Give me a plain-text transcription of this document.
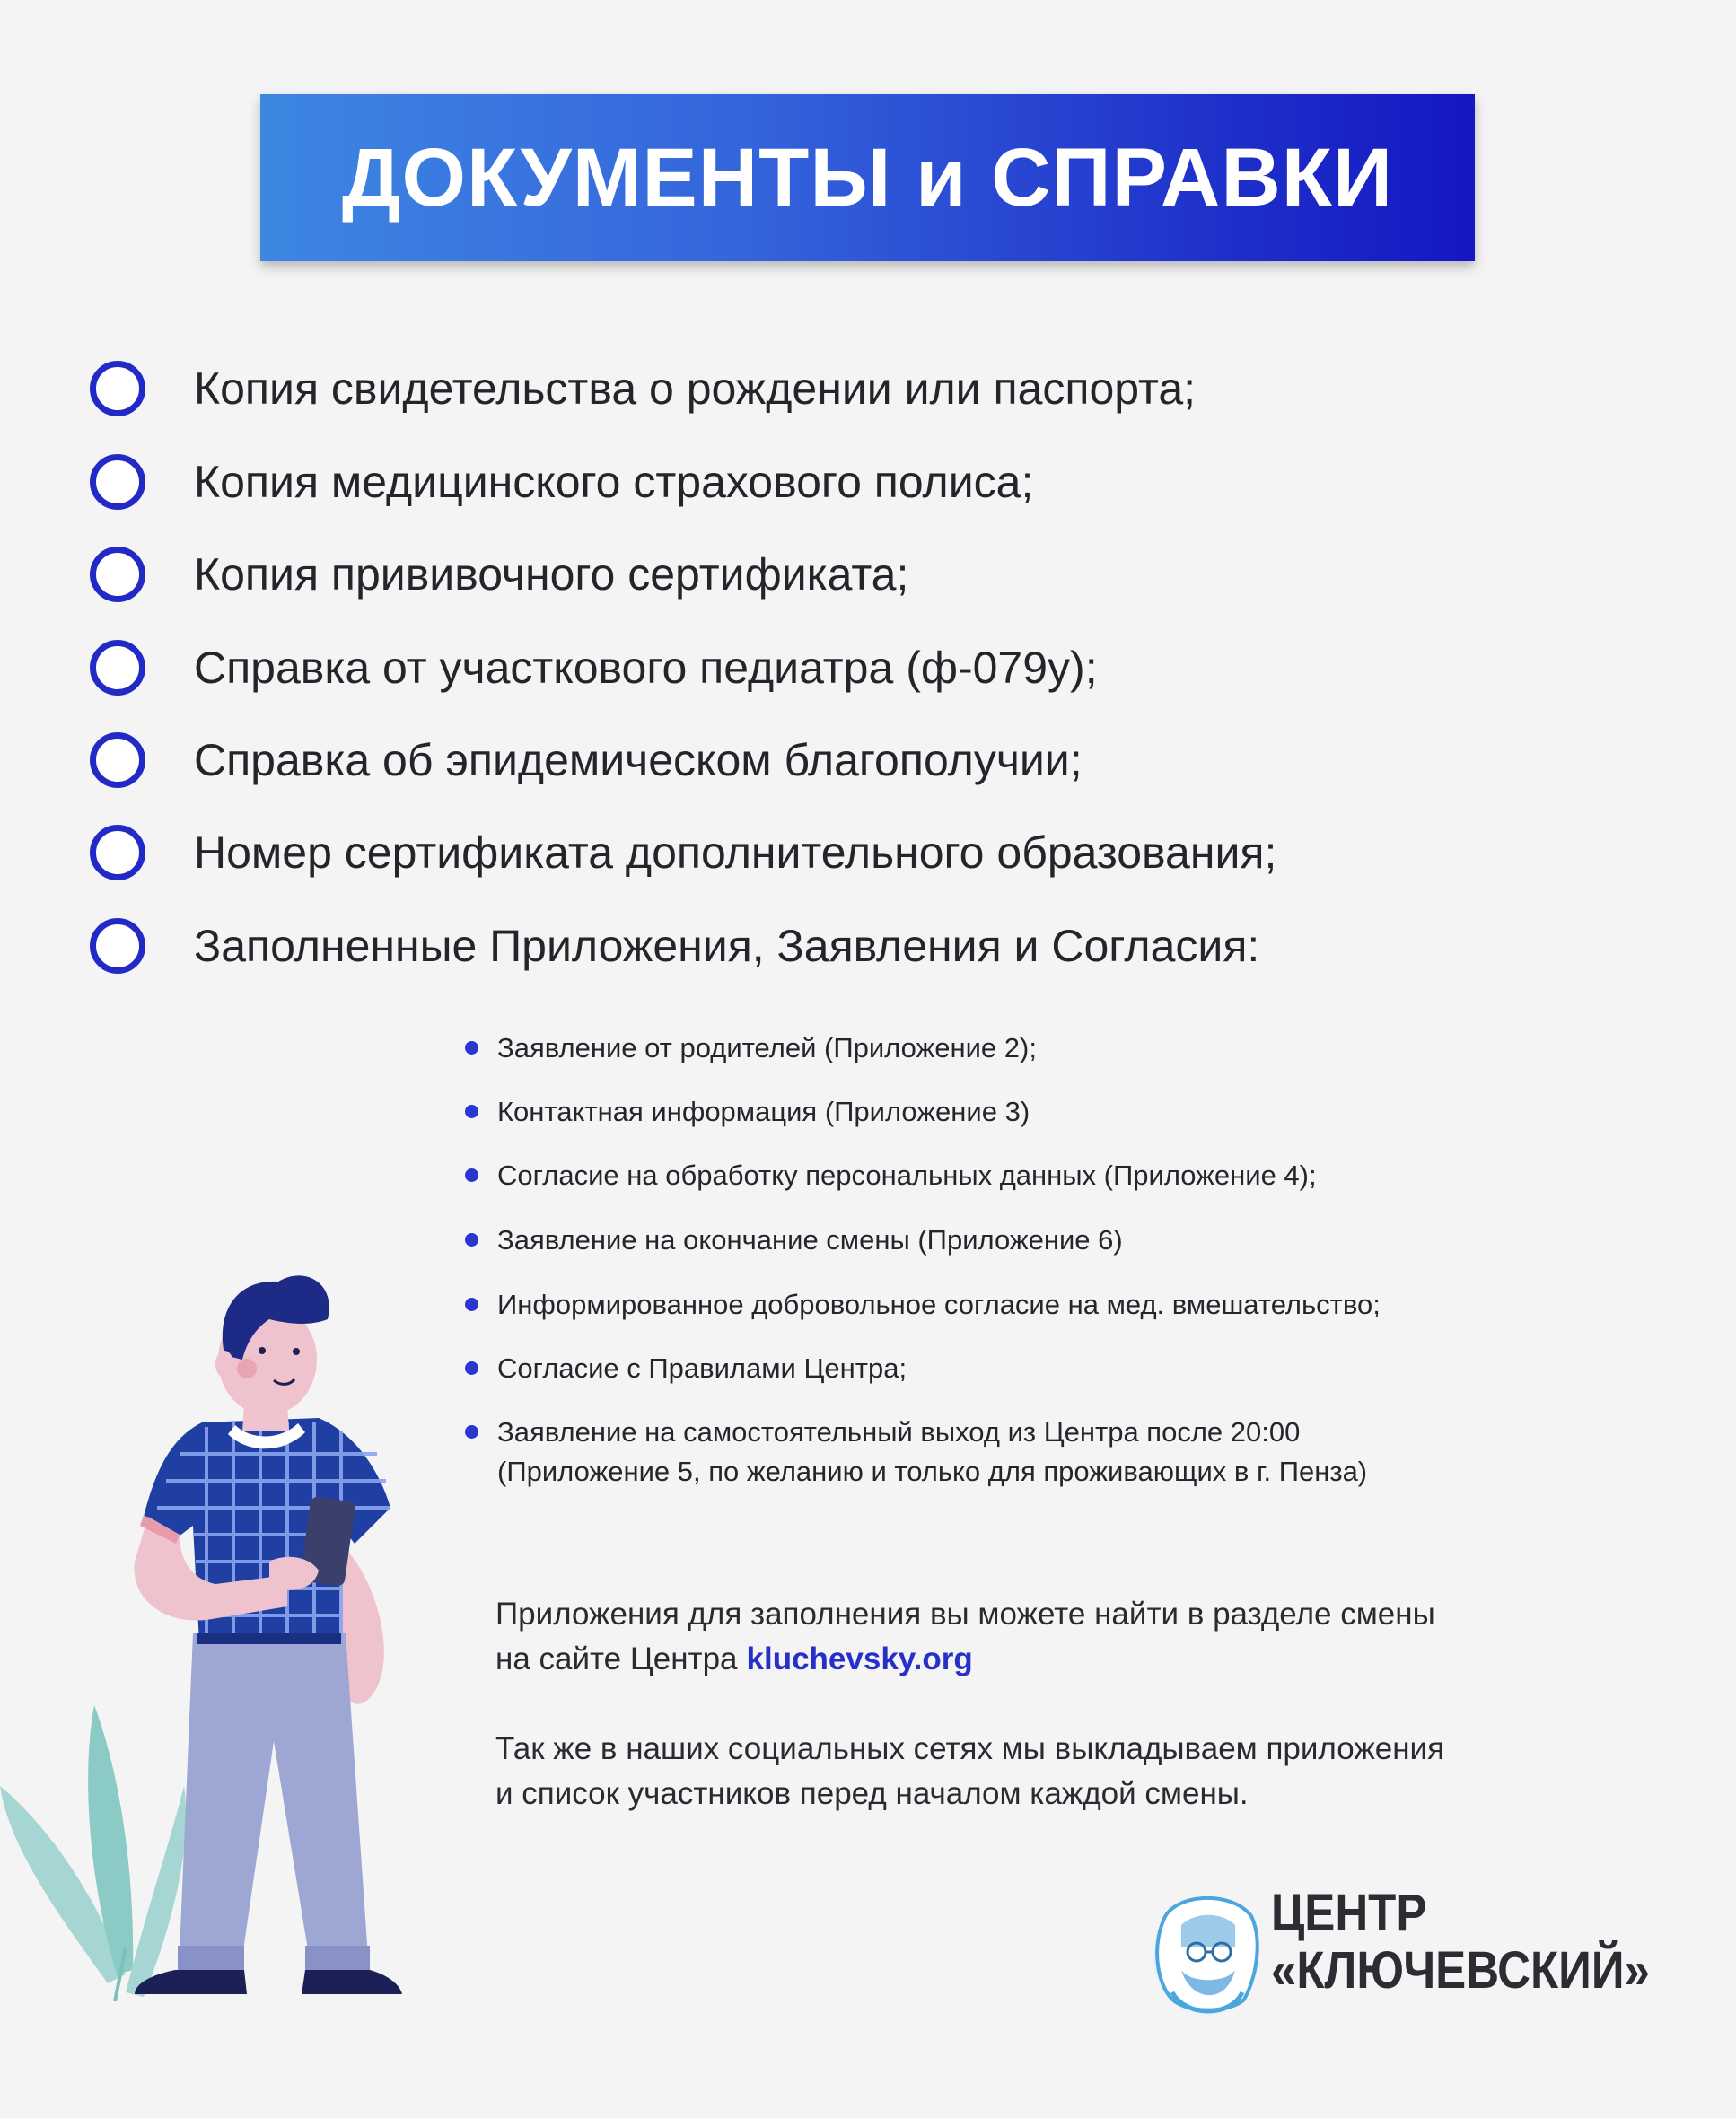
ДОКУМЕНТЫ и СПРАВКИ
Копия свидетельства о рождении или паспорта;
Копия медицинского страхового полиса;
Копия прививочного сертификата;
Справка от участкового педиатра (ф-079у);
Справка об эпидемическом благополучии;
Номер сертификата дополнительного образования;
Заполненные Приложения, Заявления и Согласия:
Заявление от родителей (Приложение 2);
Контактная информация (Приложение 3)
Согласие на обработку персональных данных (Приложение 4);
Заявление на окончание смены (Приложение 6)
Информированное добровольное согласие на мед. вмешательство;
Согласие с Правилами Центра;
Заявление на самостоятельный выход из Центра после 20:00
(Приложение 5, по желанию и только для проживающих в г. Пенза)
Приложения для заполнения вы можете найти в разделе смены
на сайте Центра kluchevsky.org
Так же в наших социальных сетях мы выкладываем приложения
и список участников перед началом каждой смены.
ЦЕНТР
«КЛЮЧЕВСКИЙ»
